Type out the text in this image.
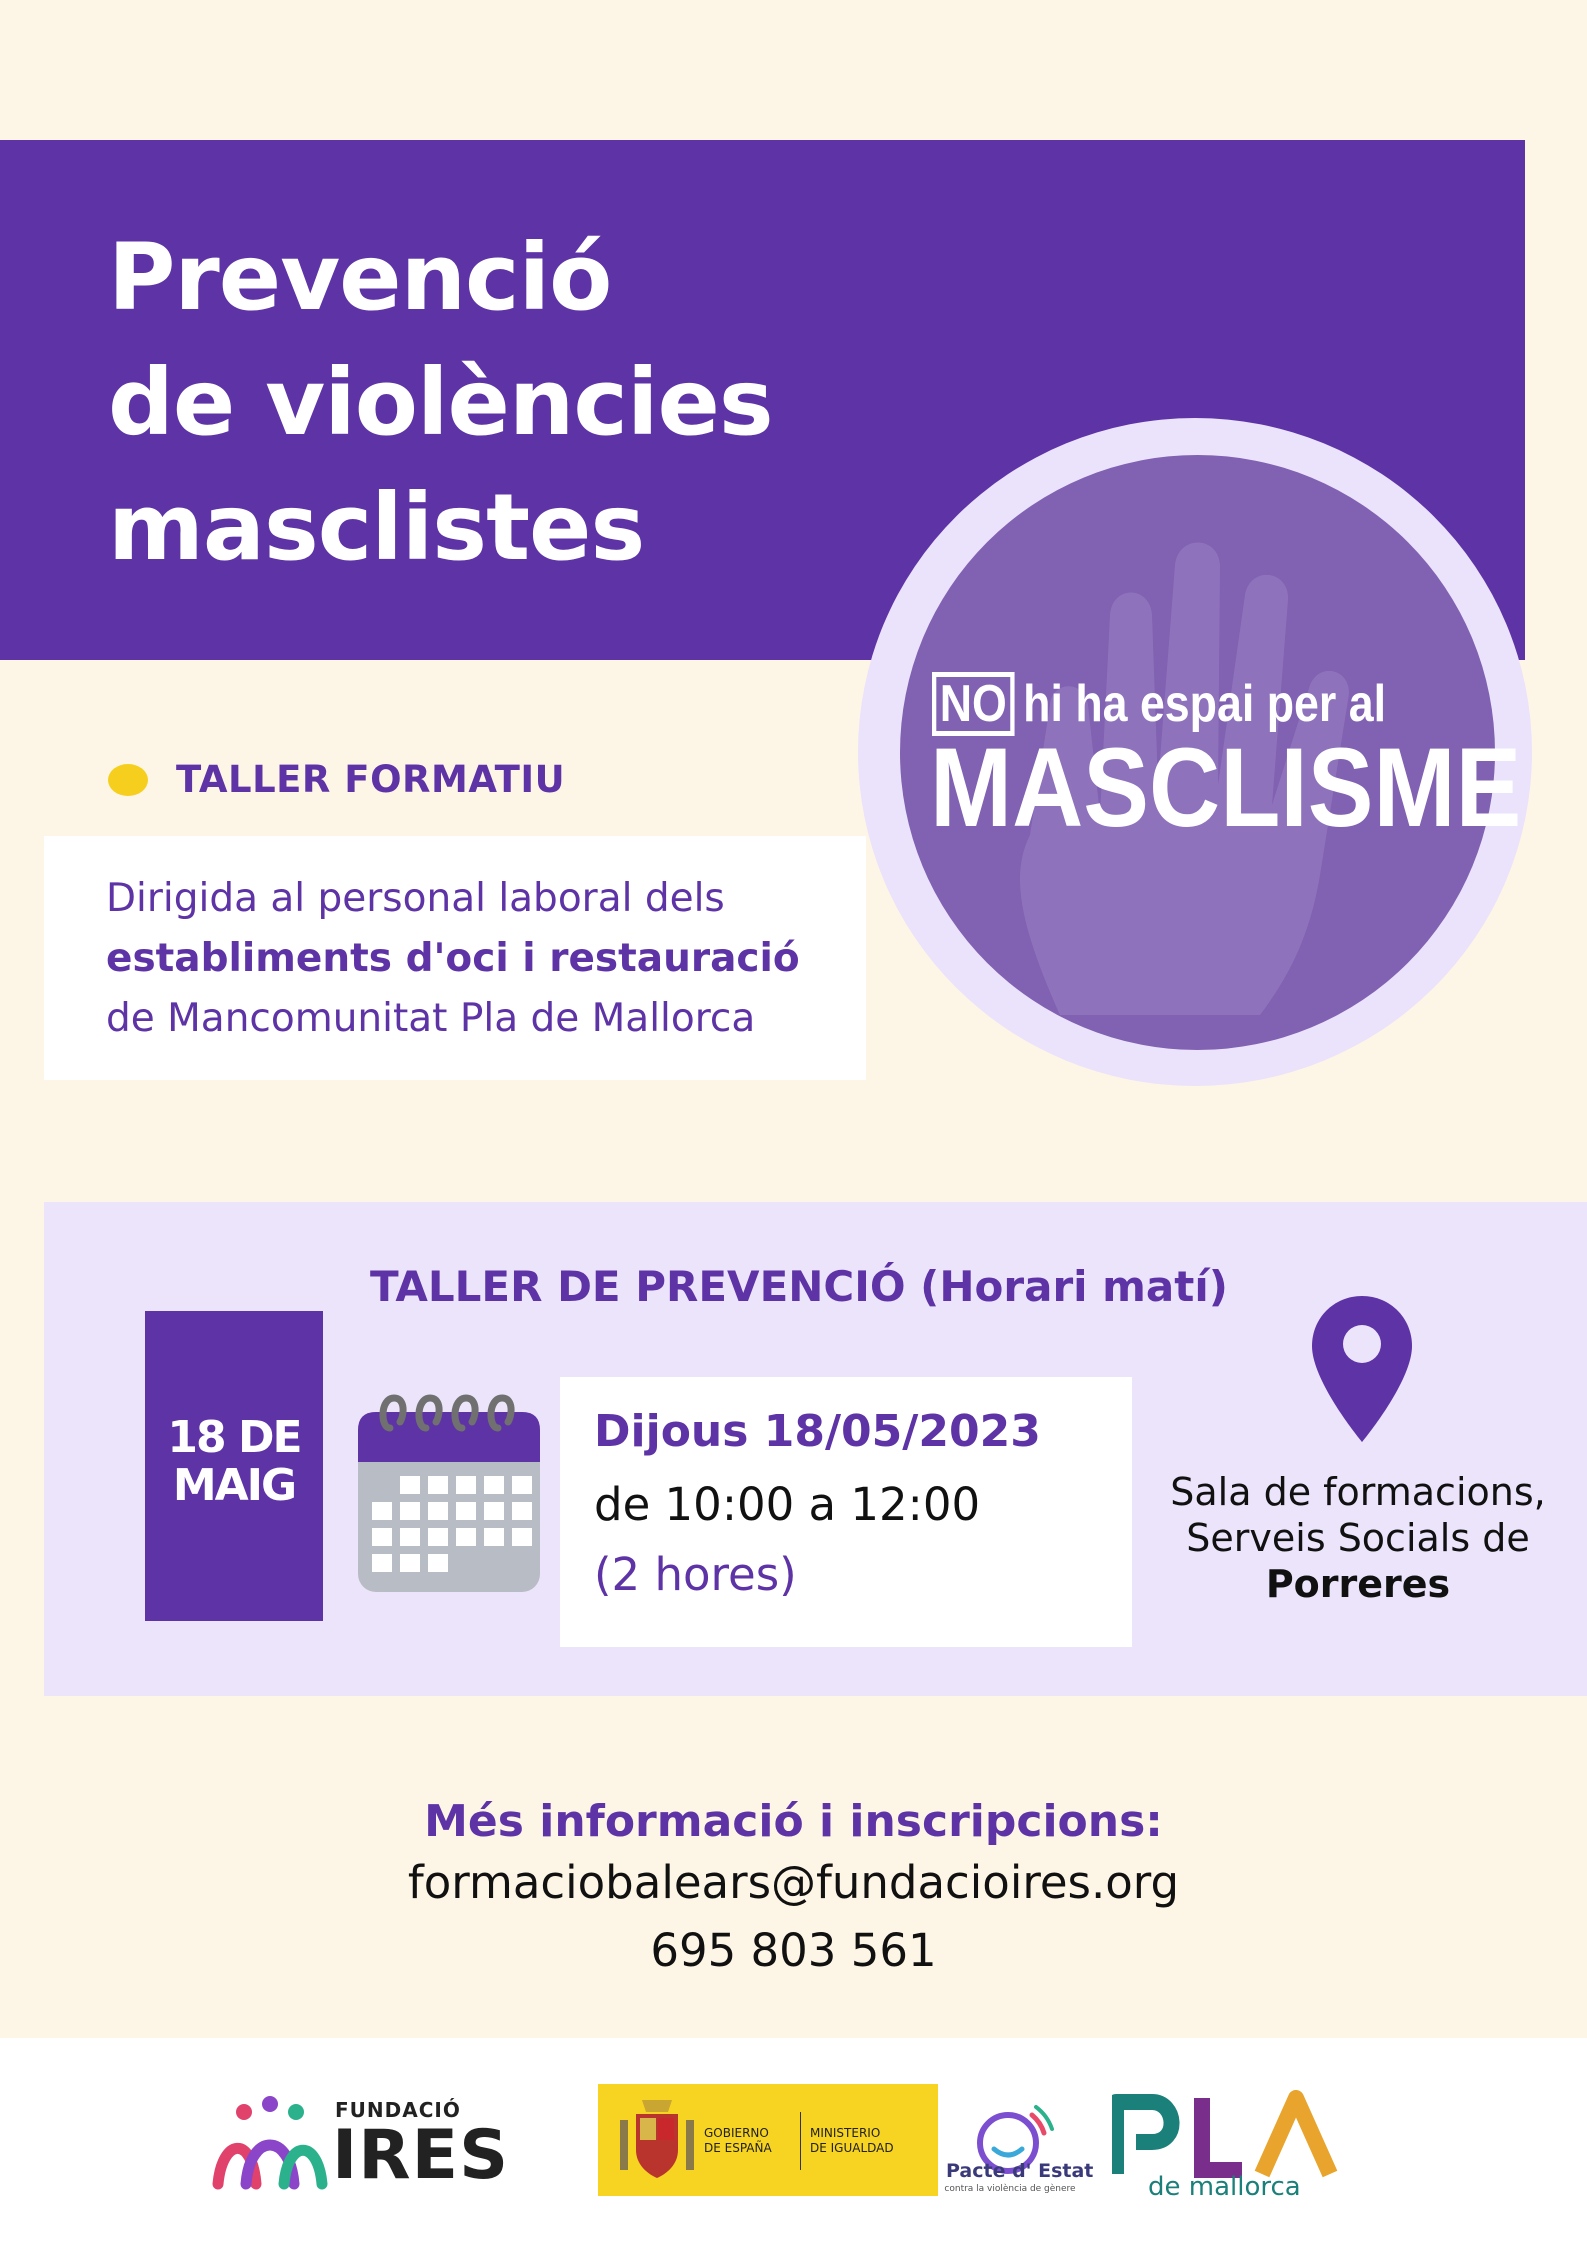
Prevenció
de violències
masclistes
NO hi ha espai per al
MASCLISME
TALLER FORMATIU
Dirigida al personal laboral dels
establiments d'oci i restauració
de Mancomunitat Pla de Mallorca
TALLER DE PREVENCIÓ (Horari matí)
18 DE
MAIG
Dijous 18/05/2023
de 10:00 a 12:00
(2 hores)
Sala de formacions,
Serveis Socials de
Porreres
Més informació i inscripcions:
formaciobalears@fundacioires.org
695 803 561
FUNDACIÓ
IRES	GOBIERNO
DE ESPAÑA
MINISTERIO
DE IGUALDAD
Pacte d' Estat
contra la violència de gènere
PLA
de mallorca
